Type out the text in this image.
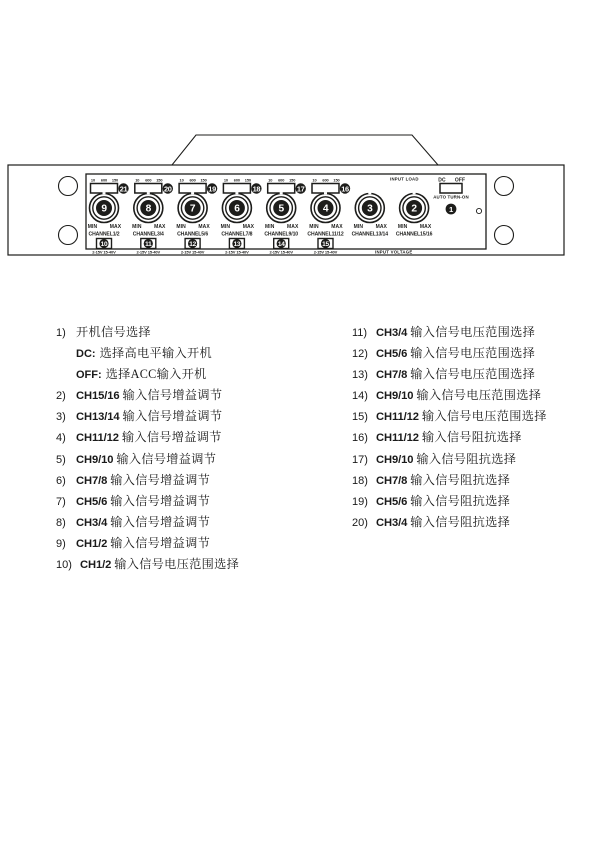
10 600 150
21
9
MIN	MAX
CHANNEL1/2
10
2-15V 15-40V
10 600 150
20
8
MIN	MAX
CHANNEL3/4
11
2-15V 15-40V
10 600 150
19
7
MIN	MAX
CHANNEL5/6
12
2-15V 15-40V
10 600 150
18
6
MIN	MAX
CHANNEL7/8
13
2-15V 15-40V
10 600 150
17
5
MIN	MAX
CHANNEL9/10
14
2-15V 15-40V
10 600 150
16
4
MIN	MAX
CHANNEL11/12
15
2-15V 15-40V
3
MIN	MAX
CHANNEL13/14
2
MIN	MAX
CHANNEL15/16
INPUT LOAD
INPUT VOLTAGE
DC OFF
AUTO TURN-ON
1
1) 开机信号选择
DC: 选择高电平输入开机
OFF: 选择ACC输入开机
2) CH15/16 输入信号增益调节
3) CH13/14 输入信号增益调节
4) CH11/12 输入信号增益调节
5) CH9/10 输入信号增益调节
6) CH7/8 输入信号增益调节
7) CH5/6 输入信号增益调节
8) CH3/4 输入信号增益调节
9) CH1/2 输入信号增益调节
10) CH1/2 输入信号电压范围选择
11) CH3/4 输入信号电压范围选择
12) CH5/6 输入信号电压范围选择
13) CH7/8 输入信号电压范围选择
14) CH9/10 输入信号电压范围选择
15) CH11/12 输入信号电压范围选择
16) CH11/12 输入信号阻抗选择
17) CH9/10 输入信号阻抗选择
18) CH7/8 输入信号阻抗选择
19) CH5/6 输入信号阻抗选择
20) CH3/4 输入信号阻抗选择
